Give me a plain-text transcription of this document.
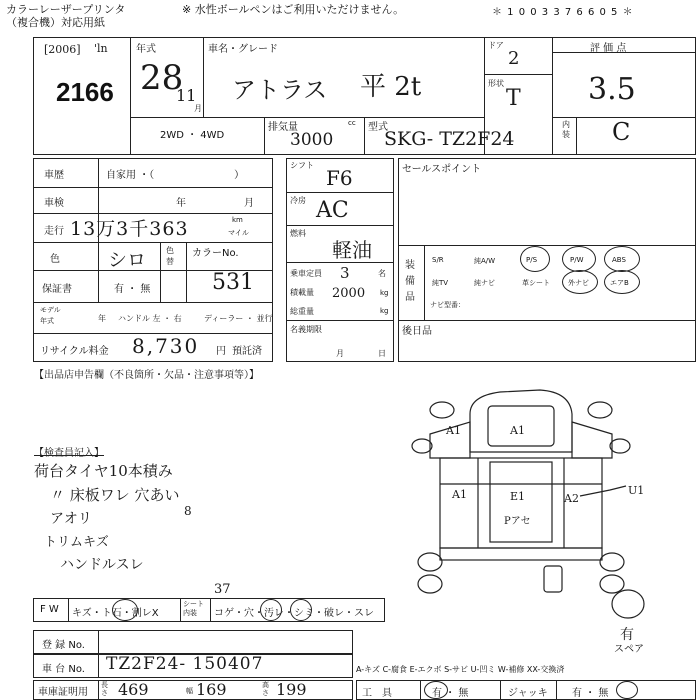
カラーレーザープリンタ
（複合機）対応用紙
※ 水性ボールペンはご利用いただけません。	＊ 1 0 0 3 3 7 6 6 0 5 ＊
[2006] 'ln
2166
年式
28
11
月
車名・グレード
アトラス 平 2t
ドア
2
形状
T
評 価 点
3.5
内装 C
2WD ・ 4WD
排気量	cc
3000
型式
SKG- TZ2F24
車歴	自家用 ・（　　　　　　　　）
車検	年	月
走行 13万3千363	km
マイル
色	シロ 色替
カラーNo.
531
保証書	有 ・ 無
モデル
年式	年 ハンドル 左 ・ 右	ディーラー ・ 並行
リサイクル料金 8,730 円 預託済
シフト
F6
冷房 AC
燃料
軽油
乗車定員 3	名
積載量 2000 kg
総重量	kg
名義期限
月	日
セールスポイント
装備品
S/R	純A/W	P/S	P/W	ABS
純TV	純ナビ	革シート	外ナビ	エアB
ナビ型番：
後日品
【出品店申告欄（不良箇所・欠品・注意事項等）】
【検査員記入】
荷台タイヤ10本積み
〃 床板ワレ 穴あい
8
アオリ
トリムキズ
ハンドルスレ
A1	A1
A1	E1	A2
U1
Pアセ
有
スペア
F W キズ・ト石・割レX
シート内装	コゲ・穴・汚レ・シミ・破レ・スレ
37
登 録 No.
車 台 No. TZ2F24- 150407	A-キズ C-腐食 E-エクボ S-サビ U-凹ミ W-補修 XX-交換済
車庫証明用
長さ 469	幅 169	高さ 199	工　具	有 ・ 無	ジャッキ 有 ・ 無
